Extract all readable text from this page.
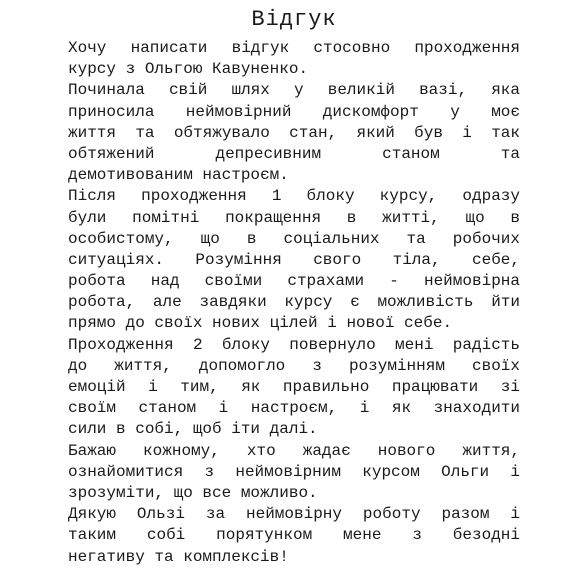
Відгук
Хочу написати відгук стосовно проходження
курсу з Ольгою Кавуненко.
Починала свій шлях у великій вазі, яка
приносила неймовірний дискомфорт у моє
життя та обтяжувало стан, який був і так
обтяжений депресивним станом та
демотивованим настроєм.
Після проходження 1 блоку курсу, одразу
були помітні покращення в житті, що в
особистому, що в соціальних та робочих
ситуаціях. Розуміння свого тіла, себе,
робота над своїми страхами - неймовірна
робота, але завдяки курсу є можливість йти
прямо до своїх нових цілей і нової себе.
Проходження 2 блоку повернуло мені радість
до життя, допомогло з розумінням своїх
емоцій і тим, як правильно працювати зі
своїм станом і настроєм, і як знаходити
сили в собі, щоб іти далі.
Бажаю кожному, хто жадає нового життя,
ознайомитися з неймовірним курсом Ольги і
зрозуміти, що все можливо.
Дякую Ользі за неймовірну роботу разом і
таким собі порятунком мене з безодні
негативу та комплексів!
